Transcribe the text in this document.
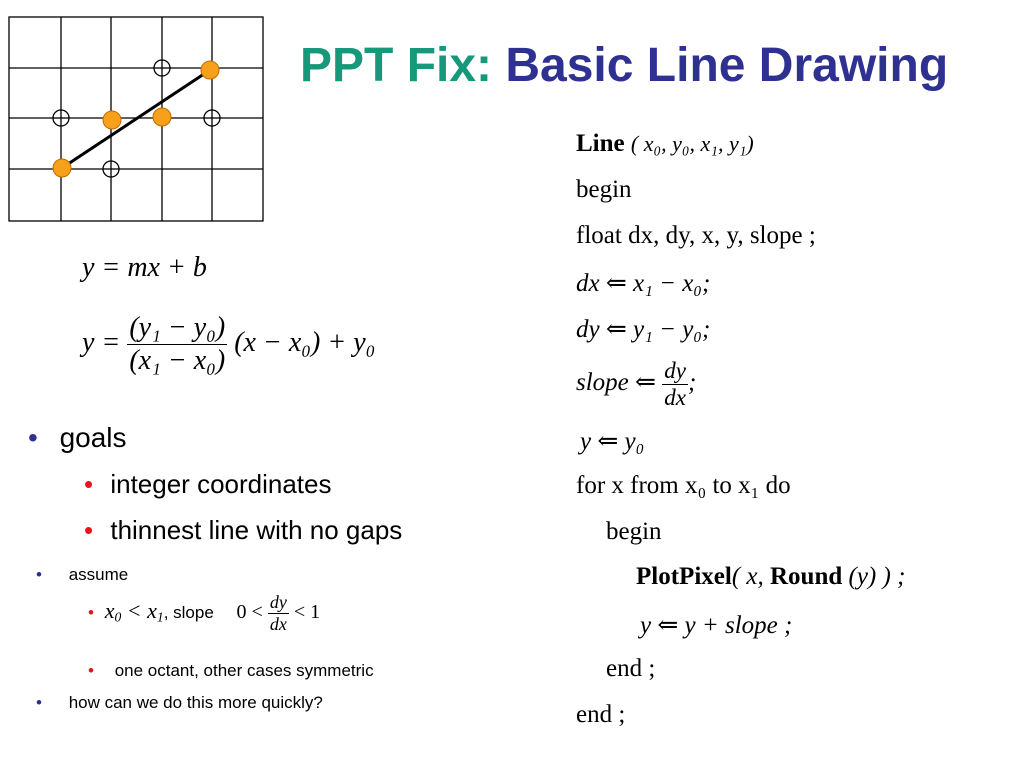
PPT Fix: Basic Line Drawing
y = mx + b
$y = \frac{\text{(y₁ − y₀)}}{\text{(x₁ − x₀)}} (x - x_0) + y_0$
• goals
• integer coordinates
• thinnest line with no gaps
• assume
• $x_0 < x_1$, slope $0 < \frac{dy}{dx} < 1$
• one octant, other cases symmetric
• how can we do this more quickly?
Line ( x₀, y₀, x₁, y₁)
begin
float dx, dy, x, y, slope ;
dx ⇐ x₁ − x₀;
dy ⇐ y₁ − y₀;
slope ⇐ $\frac{dy}{dx}$ ;
y ⇐ y₀
for x from x₀ to x₁ do
begin
PlotPixel( x, Round (y) ) ;
y ⇐ y + slope ;
end ;
end ;
